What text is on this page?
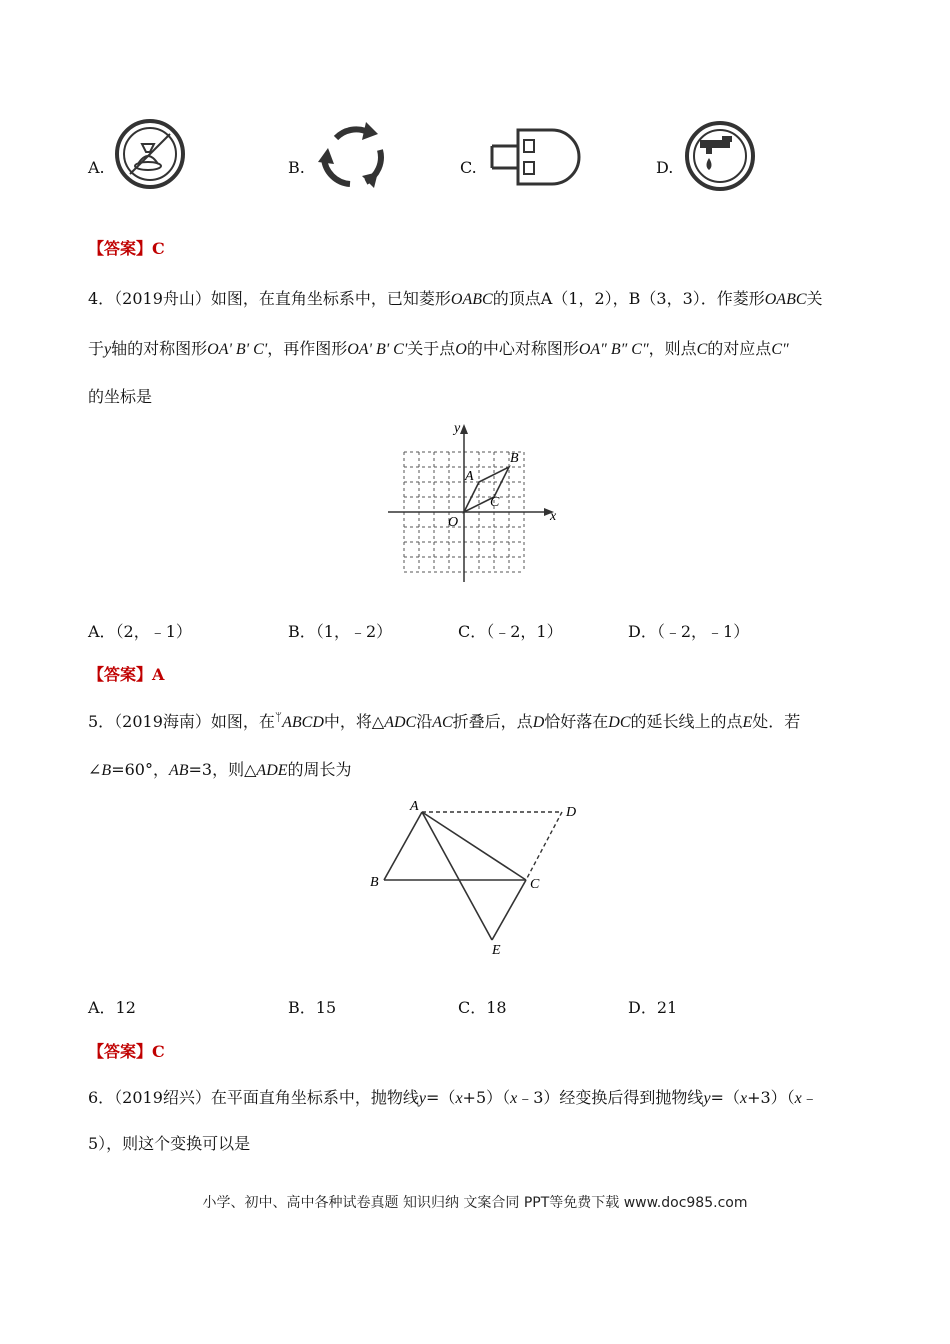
A.	B.	C.	D.
【答案】C
4．（2019舟山）如图，在直角坐标系中，已知菱形OABC的顶点A（1，2），B（3，3）．作菱形OABC关
于y轴的对称图形OA' B' C'，再作图形OA' B' C'关于点O的中心对称图形OA″ B″ C″，则点C的对应点C″
的坐标是
y
x
O
A
B
C
A．（2，﹣1）	B．（1，﹣2）	C．（﹣2，1）	D．（﹣2，﹣1）
【答案】A
5．（2019海南）如图，在$^ᛘ$ABCD中，将△ADC沿AC折叠后，点D恰好落在DC的延长线上的点E处．若
∠B=60°，AB=3，则△ADE的周长为
A
B	C
D
E
A．12	B．15	C．18	D．21
【答案】C
6．（2019绍兴）在平面直角坐标系中，抛物线y=（x+5）（x﹣3）经变换后得到抛物线y=（x+3）（x﹣
5），则这个变换可以是
小学、初中、高中各种试卷真题 知识归纳 文案合同 PPT等免费下载 www.doc985.com
